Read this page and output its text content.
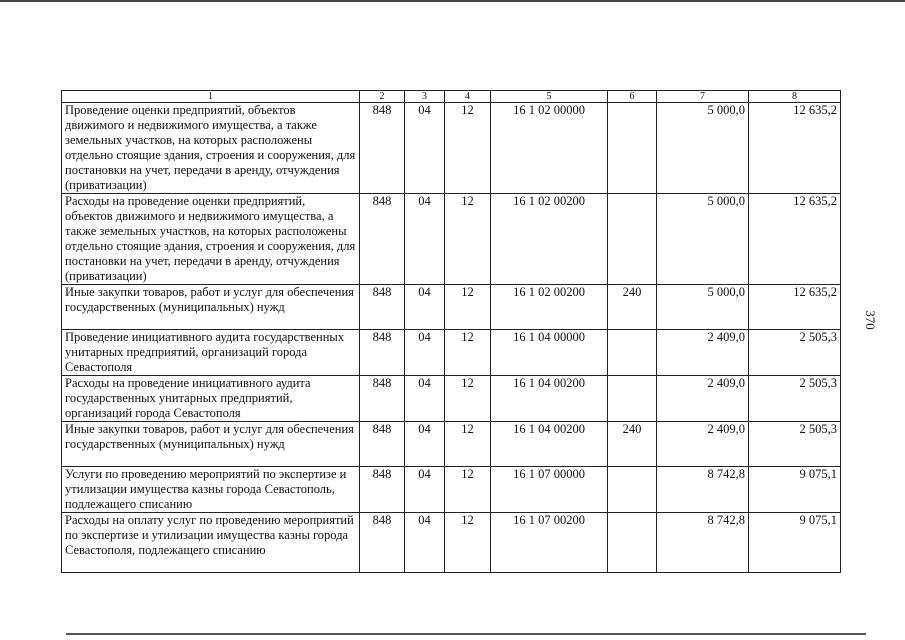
1	2	3	4	5	6	7	8
Проведение оценки предприятий, объектов движимого и недвижимого имущества, а также земельных участков, на которых расположены отдельно стоящие здания, строения и сооружения, для постановки на учет, передачи в аренду, отчуждения (приватизации)	848	04	12	16 1 02 00000		5 000,0	12 635,2
Расходы на проведение оценки предприятий, объектов движимого и недвижимого имущества, а также земельных участков, на которых расположены отдельно стоящие здания, строения и сооружения, для постановки на учет, передачи в аренду, отчуждения (приватизации)	848	04	12	16 1 02 00200		5 000,0	12 635,2
Иные закупки товаров, работ и услуг для обеспечения государственных (муниципальных) нужд	848	04	12	16 1 02 00200	240	5 000,0	12 635,2
Проведение инициативного аудита государственных унитарных предприятий, организаций города Севастополя	848	04	12	16 1 04 00000		2 409,0	2 505,3
Расходы на проведение инициативного аудита государственных унитарных предприятий, организаций города Севастополя	848	04	12	16 1 04 00200		2 409,0	2 505,3
Иные закупки товаров, работ и услуг для обеспечения государственных (муниципальных) нужд	848	04	12	16 1 04 00200	240	2 409,0	2 505,3
Услуги по проведению мероприятий по экспертизе и утилизации имущества казны города Севастополь, подлежащего списанию	848	04	12	16 1 07 00000		8 742,8	9 075,1
Расходы на оплату услуг по проведению мероприятий по экспертизе и утилизации имущества казны города Севастополя, подлежащего списанию	848	04	12	16 1 07 00200		8 742,8	9 075,1
370
